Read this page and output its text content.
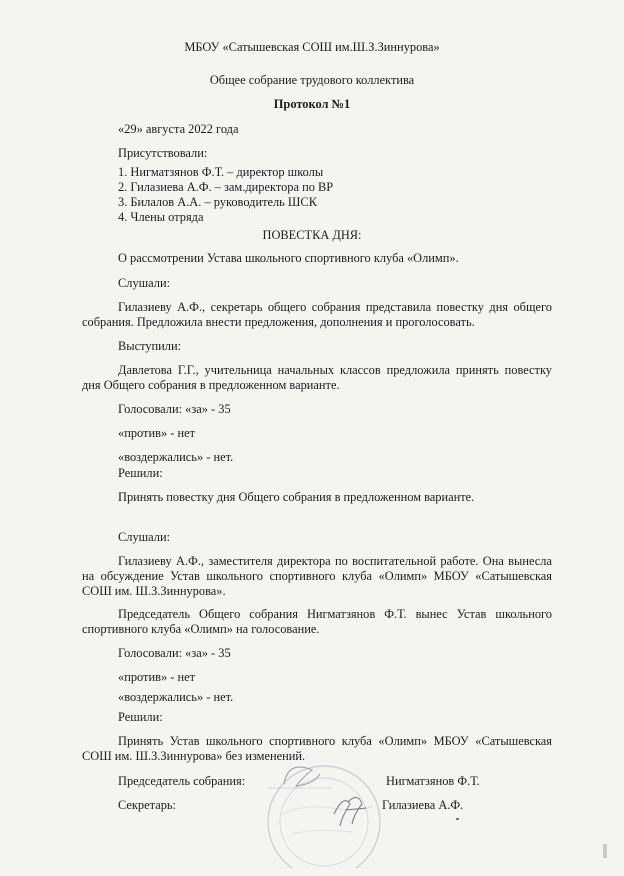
МБОУ «Сатышевская СОШ им.Ш.З.Зиннурова»

Общее собрание трудового коллектива

Протокол №1

«29» августа 2022 года

Присутствовали:

1. Нигматзянов Ф.Т. – директор школы

2. Гилазиева А.Ф. – зам.директора по ВР

3. Билалов А.А. – руководитель ШСК

4. Члены отряда

ПОВЕСТКА ДНЯ:

О рассмотрении Устава школьного спортивного клуба «Олимп».

Слушали:

Гилазиеву А.Ф., секретарь общего собрания представила повестку дня общего собрания. Предложила внести предложения, дополнения и проголосовать.

Выступили:

Давлетова Г.Г., учительница начальных классов предложила принять повестку дня Общего собрания в предложенном варианте.

Голосовали: «за» - 35

«против» - нет

«воздержались» - нет.

Решили:

Принять повестку дня Общего собрания в предложенном варианте.

Слушали:

Гилазиеву А.Ф., заместителя директора по воспитательной работе. Она вынесла на обсуждение Устав школьного спортивного клуба «Олимп» МБОУ «Сатышевская СОШ им. Ш.З.Зиннурова».

Председатель Общего собрания Нигматзянов Ф.Т. вынес Устав школьного спортивного клуба «Олимп» на голосование.

Голосовали: «за» - 35

«против» - нет

«воздержались» - нет.

Решили:

Принять Устав школьного спортивного клуба «Олимп» МБОУ «Сатышевская СОШ им. Ш.З.Зиннурова» без изменений.

Председатель собрания:	Нигматзянов Ф.Т.

Секретарь:	Гилазиева А.Ф.
